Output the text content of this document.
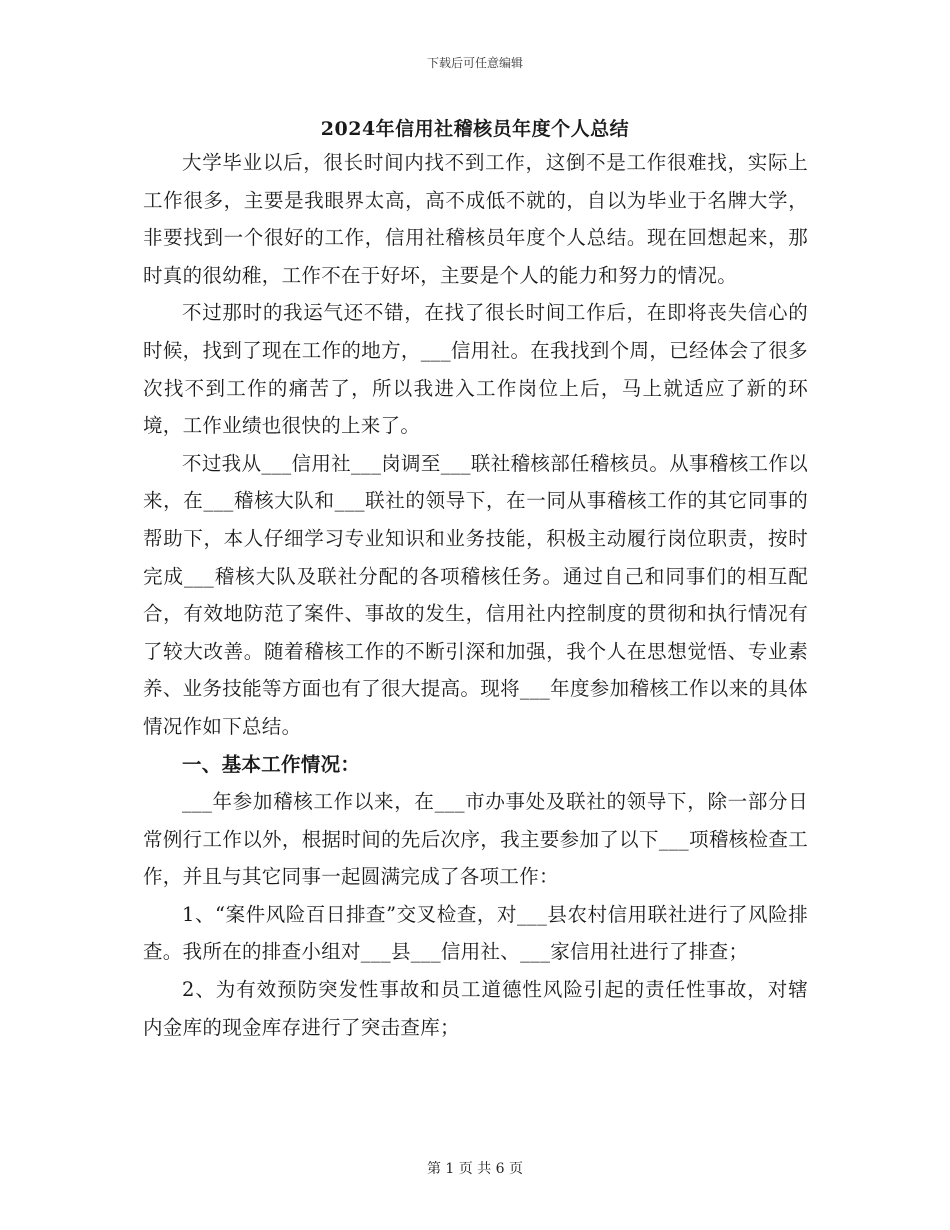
下载后可任意编辑
2024年信用社稽核员年度个人总结

大学毕业以后，很长时间内找不到工作，这倒不是工作很难找，实际上工作很多，主要是我眼界太高，高不成低不就的，自以为毕业于名牌大学，非要找到一个很好的工作，信用社稽核员年度个人总结。现在回想起来，那时真的很幼稚，工作不在于好坏，主要是个人的能力和努力的情况。

不过那时的我运气还不错，在找了很长时间工作后，在即将丧失信心的时候，找到了现在工作的地方，___信用社。在我找到个周，已经体会了很多次找不到工作的痛苦了，所以我进入工作岗位上后，马上就适应了新的环境，工作业绩也很快的上来了。

不过我从___信用社___岗调至___联社稽核部任稽核员。从事稽核工作以来，在___稽核大队和___联社的领导下，在一同从事稽核工作的其它同事的帮助下，本人仔细学习专业知识和业务技能，积极主动履行岗位职责，按时完成___稽核大队及联社分配的各项稽核任务。通过自己和同事们的相互配合，有效地防范了案件、事故的发生，信用社内控制度的贯彻和执行情况有了较大改善。随着稽核工作的不断引深和加强，我个人在思想觉悟、专业素养、业务技能等方面也有了很大提高。现将___年度参加稽核工作以来的具体情况作如下总结。

一、基本工作情况：

___年参加稽核工作以来，在___市办事处及联社的领导下，除一部分日常例行工作以外，根据时间的先后次序，我主要参加了以下___项稽核检查工作，并且与其它同事一起圆满完成了各项工作：

1、“案件风险百日排查”交叉检查，对___县农村信用联社进行了风险排查。我所在的排查小组对___县___信用社、___家信用社进行了排查；

2、为有效预防突发性事故和员工道德性风险引起的责任性事故，对辖内金库的现金库存进行了突击查库；

第 1 页 共 6 页
